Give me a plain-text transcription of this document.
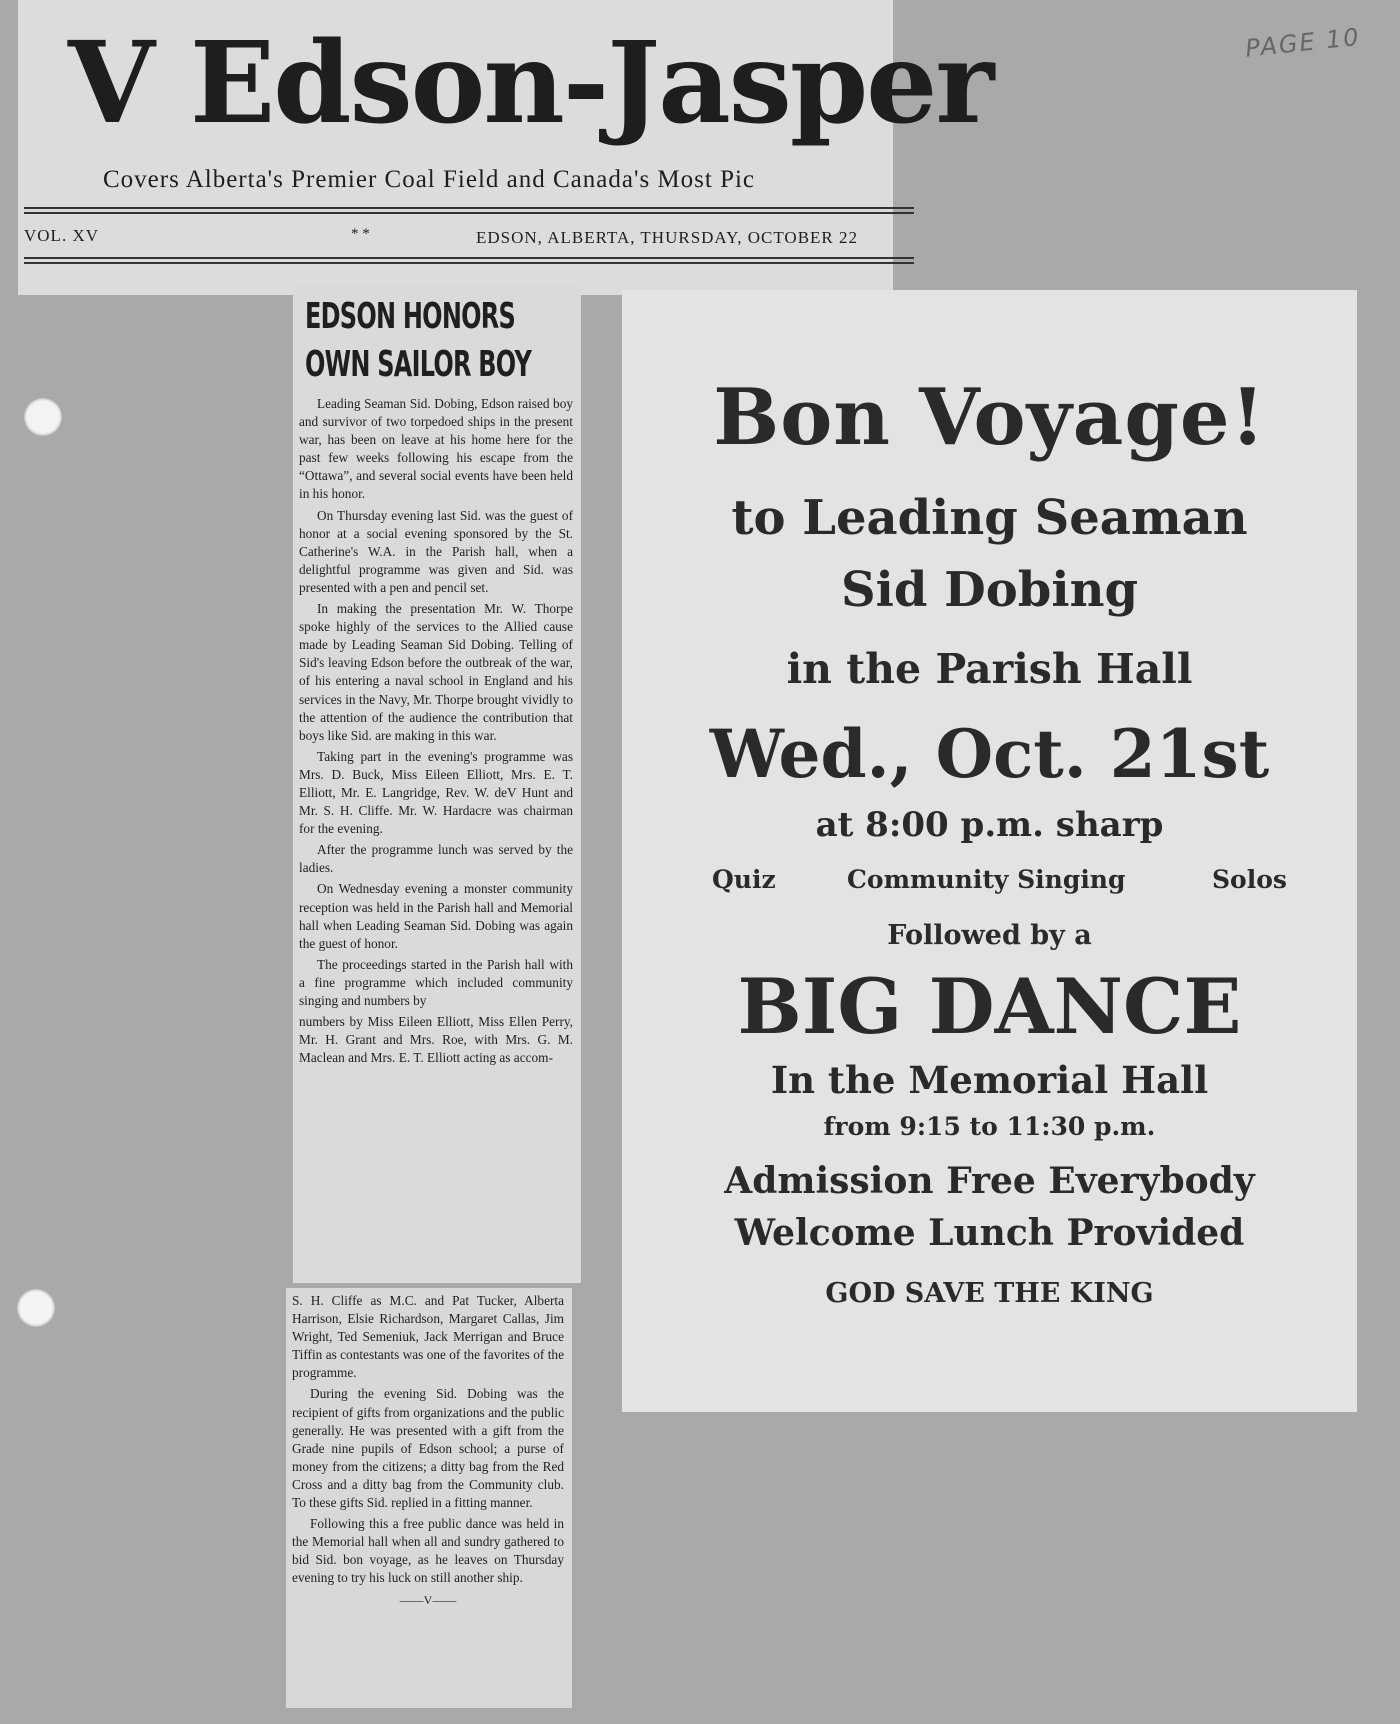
PAGE 10
V Edson-Jasper
Covers Alberta's Premier Coal Field and Canada's Most Pic
VOL. XV	* *	EDSON, ALBERTA, THURSDAY, OCTOBER 22
EDSON HONORS
OWN SAILOR BOY

Leading Seaman Sid. Dobing, Edson raised boy and survivor of two torpedoed ships in the present war, has been on leave at his home here for the past few weeks following his escape from the “Ottawa”, and several social events have been held in his honor.

On Thursday evening last Sid. was the guest of honor at a social evening sponsored by the St. Catherine's W.A. in the Parish hall, when a delightful programme was given and Sid. was presented with a pen and pencil set.

In making the presentation Mr. W. Thorpe spoke highly of the services to the Allied cause made by Leading Seaman Sid Dobing. Telling of Sid's leaving Edson before the outbreak of the war, of his entering a naval school in England and his services in the Navy, Mr. Thorpe brought vividly to the attention of the audience the contribution that boys like Sid. are making in this war.

Taking part in the evening's programme was Mrs. D. Buck, Miss Eileen Elliott, Mrs. E. T. Elliott, Mr. E. Langridge, Rev. W. deV Hunt and Mr. S. H. Cliffe. Mr. W. Hardacre was chairman for the evening.

After the programme lunch was served by the ladies.

On Wednesday evening a monster community reception was held in the Parish hall and Memorial hall when Leading Seaman Sid. Dobing was again the guest of honor.

The proceedings started in the Parish hall with a fine programme which included community singing and numbers by

numbers by Miss Eileen Elliott, Miss Ellen Perry, Mr. H. Grant and Mrs. Roe, with Mrs. G. M. Maclean and Mrs. E. T. Elliott acting as accom-

S. H. Cliffe as M.C. and Pat Tucker, Alberta Harrison, Elsie Richardson, Margaret Callas, Jim Wright, Ted Semeniuk, Jack Merrigan and Bruce Tiffin as contestants was one of the favorites of the programme.

During the evening Sid. Dobing was the recipient of gifts from organizations and the public generally. He was presented with a gift from the Grade nine pupils of Edson school; a purse of money from the citizens; a ditty bag from the Red Cross and a ditty bag from the Community club. To these gifts Sid. replied in a fitting manner.

Following this a free public dance was held in the Memorial hall when all and sundry gathered to bid Sid. bon voyage, as he leaves on Thursday evening to try his luck on still another ship.

——V——
Bon Voyage!
to Leading Seaman
Sid Dobing
in the Parish Hall
Wed., Oct. 21st
at 8:00 p.m. sharp
Quiz	Community Singing	Solos
Followed by a
BIG DANCE
In the Memorial Hall
from 9:15 to 11:30 p.m.
Admission Free Everybody
Welcome Lunch Provided
GOD SAVE THE KING
